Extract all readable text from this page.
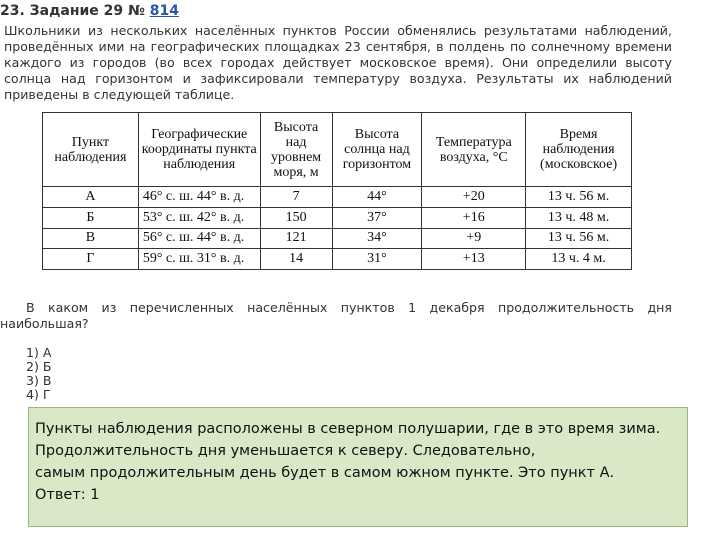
23. Задание 29 № 814
Школьники из нескольких населённых пунктов России обменялись результатами наблюдений, проведённых ими на географических площадках 23 сентября, в полдень по солнечному времени каждого из городов (во всех городах действует московское время). Они определили высоту солнца над горизонтом и зафиксировали температуру воздуха. Результаты их наблюдений приведены в следующей таблице.
Пункт наблюдения	Географические координаты пункта наблюдения	Высота над уровнем моря, м	Высота солнца над горизонтом	Температура воздуха, °С	Время наблюдения (московское)
А	46° с. ш. 44° в. д.	7	44°	+20	13 ч. 56 м.
Б	53° с. ш. 42° в. д.	150	37°	+16	13 ч. 48 м.
В	56° с. ш. 44° в. д.	121	34°	+9	13 ч. 56 м.
Г	59° с. ш. 31° в. д.	14	31°	+13	13 ч. 4 м.
В каком из перечисленных населённых пунктов 1 декабря продолжительность дня наибольшая?
1) А
2) Б
3) В
4) Г
Пункты наблюдения расположены в северном полушарии, где в это время зима.
Продолжительность дня уменьшается к северу. Следовательно,
самым продолжительным день будет в самом южном пункте. Это пункт А.
Ответ: 1
